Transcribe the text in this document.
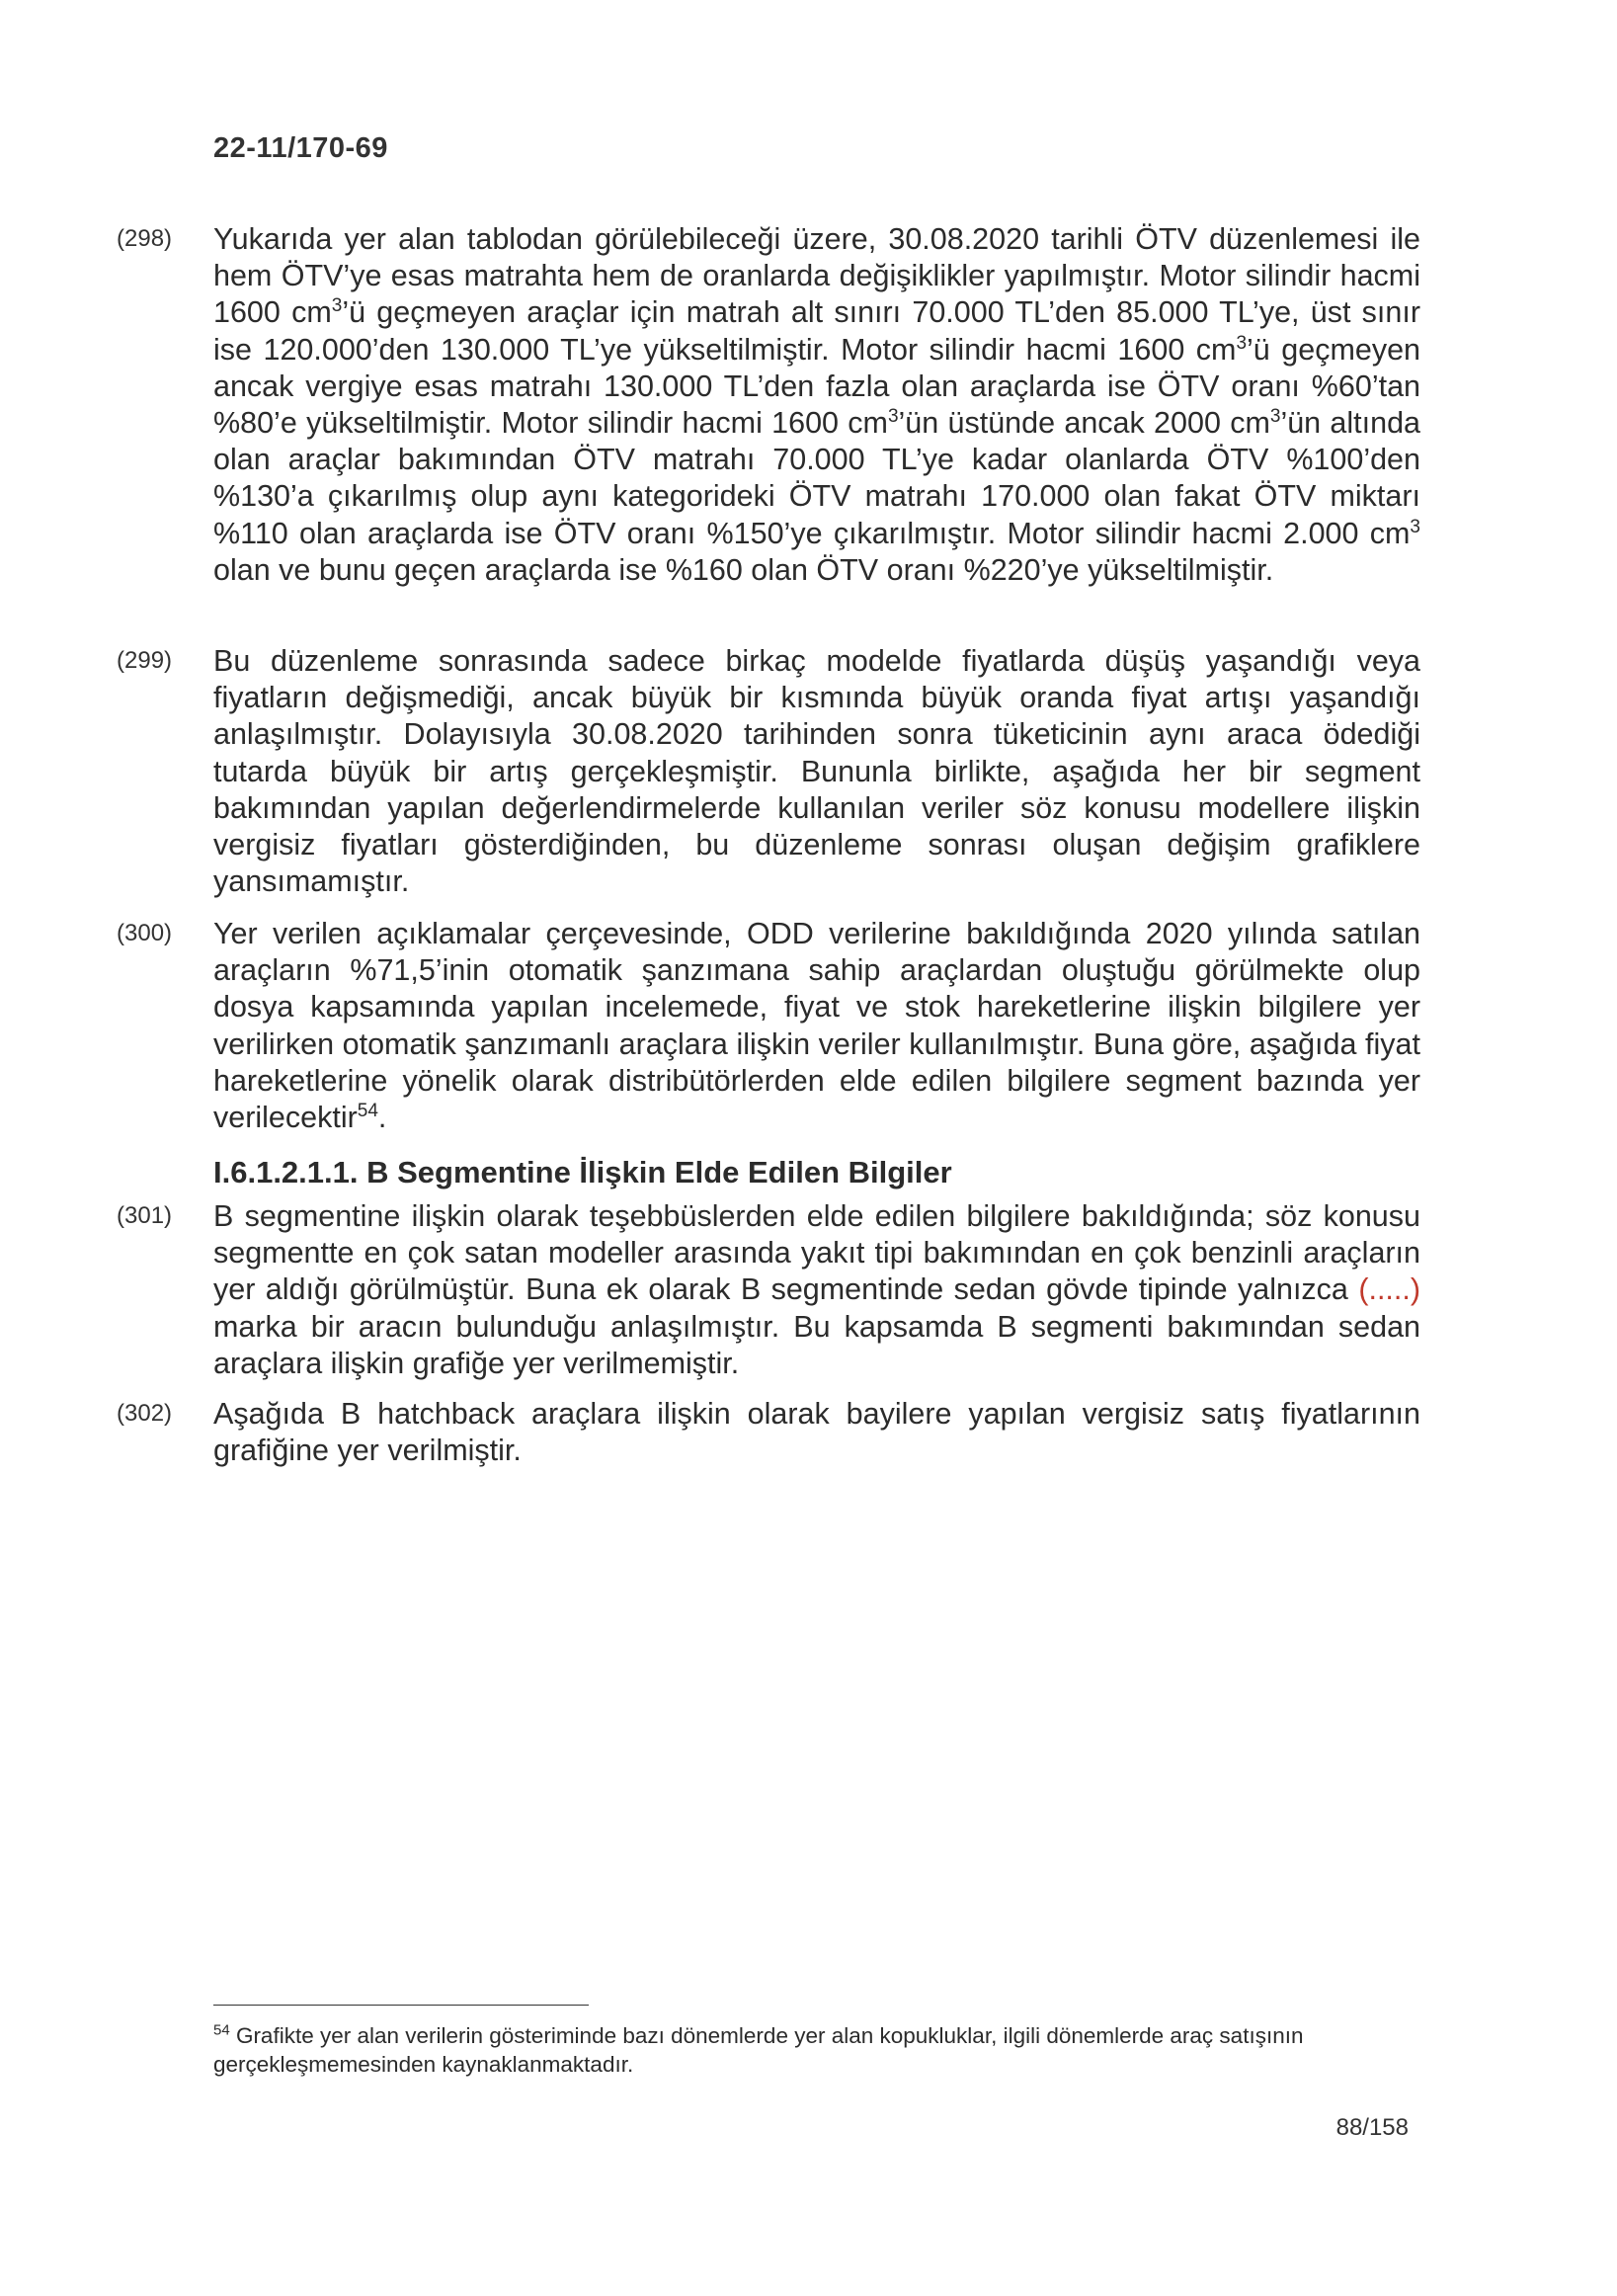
22-11/170-69
(298)	Yukarıda yer alan tablodan görülebileceği üzere, 30.08.2020 tarihli ÖTV düzenlemesi ile hem ÖTV’ye esas matrahta hem de oranlarda değişiklikler yapılmıştır. Motor silindir hacmi 1600 $cm^3’ü$ geçmeyen araçlar için matrah alt sınırı 70.000 TL’den 85.000 TL’ye, üst sınır ise 120.000’den 130.000 TL’ye yükseltilmiştir. Motor silindir hacmi 1600 $cm^3’ü$ geçmeyen ancak vergiye esas matrahı 130.000 TL’den fazla olan araçlarda ise ÖTV oranı %60’tan %80’e yükseltilmiştir. Motor silindir hacmi 1600 $cm^3’ün$ üstünde ancak 2000 $cm^3’ün$ altında olan araçlar bakımından ÖTV matrahı 70.000 TL’ye kadar olanlarda ÖTV %100’den %130’a çıkarılmış olup aynı kategorideki ÖTV matrahı 170.000 olan fakat ÖTV miktarı %110 olan araçlarda ise ÖTV oranı %150’ye çıkarılmıştır. Motor silindir hacmi 2.000 $cm^3$ olan ve bunu geçen araçlarda ise %160 olan ÖTV oranı %220’ye yükseltilmiştir.
(299)	Bu düzenleme sonrasında sadece birkaç modelde fiyatlarda düşüş yaşandığı veya fiyatların değişmediği, ancak büyük bir kısmında büyük oranda fiyat artışı yaşandığı anlaşılmıştır. Dolayısıyla 30.08.2020 tarihinden sonra tüketicinin aynı araca ödediği tutarda büyük bir artış gerçekleşmiştir. Bununla birlikte, aşağıda her bir segment bakımından yapılan değerlendirmelerde kullanılan veriler söz konusu modellere ilişkin vergisiz fiyatları gösterdiğinden, bu düzenleme sonrası oluşan değişim grafiklere yansımamıştır.
(300)	Yer verilen açıklamalar çerçevesinde, ODD verilerine bakıldığında 2020 yılında satılan araçların %71,5’inin otomatik şanzımana sahip araçlardan oluştuğu görülmekte olup dosya kapsamında yapılan incelemede, fiyat ve stok hareketlerine ilişkin bilgilere yer verilirken otomatik şanzımanlı araçlara ilişkin veriler kullanılmıştır. Buna göre, aşağıda fiyat hareketlerine yönelik olarak distribütörlerden elde edilen bilgilere segment bazında yer verilecektir$^{54}$.
I.6.1.2.1.1. B Segmentine İlişkin Elde Edilen Bilgiler
(301)	B segmentine ilişkin olarak teşebbüslerden elde edilen bilgilere bakıldığında; söz konusu segmentte en çok satan modeller arasında yakıt tipi bakımından en çok benzinli araçların yer aldığı görülmüştür. Buna ek olarak B segmentinde sedan gövde tipinde yalnızca (.....) marka bir aracın bulunduğu anlaşılmıştır. Bu kapsamda B segmenti bakımından sedan araçlara ilişkin grafiğe yer verilmemiştir.
(302)	Aşağıda B hatchback araçlara ilişkin olarak bayilere yapılan vergisiz satış fiyatlarının grafiğine yer verilmiştir.
$^{54}$ Grafikte yer alan verilerin gösteriminde bazı dönemlerde yer alan kopukluklar, ilgili dönemlerde araç satışının gerçekleşmemesinden kaynaklanmaktadır.
88/158
